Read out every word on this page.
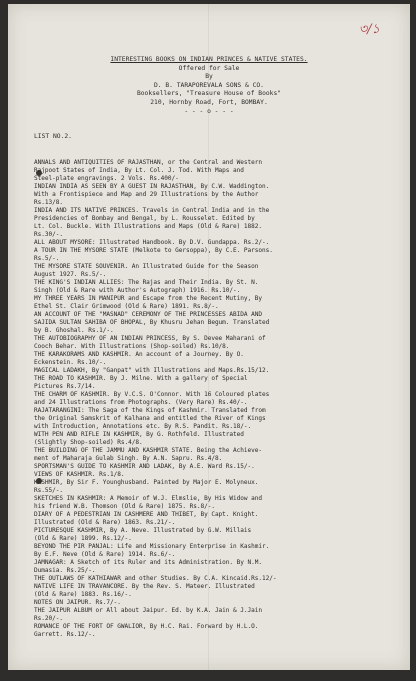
৩/১
INTERESTING BOOKS ON INDIAN PRINCES & NATIVE STATES.
Offered for Sale
By
D. B. TARAPOREVALA SONS & CO.
Booksellers, "Treasure House of Books"
210, Hornby Road, Fort, BOMBAY.
- - - o - - -
LIST NO.2.
ANNALS AND ANTIQUITIES OF RAJASTHAN, or the Central and Western
Rajpoot States of India, By Lt. Col. J. Tod. With Maps and
Steel-plate engravings. 2 Vols. Rs.400/-
INDIAN INDIA AS SEEN BY A GUEST IN RAJASTHAN, By C.W. Waddington.
With a Frontispiece and Map and 29 Illustrations by the Author
Rs.13/8.
INDIA AND ITS NATIVE PRINCES. Travels in Central India and in the
Presidencies of Bombay and Bengal, by L. Rousselet. Edited by
Lt. Col. Buckle. With Illustrations and Maps (Old & Rare) 1882.
Rs.30/-.
ALL ABOUT MYSORE: Illustrated Handbook. By D.V. Gundappa. Rs.2/-.
A TOUR IN THE MYSORE STATE (Melkote to Gersoppa), By C.E. Parsons.
Rs.5/-.
THE MYSORE STATE SOUVENIR. An Illustrated Guide for the Season
August 1927. Rs.5/-.
THE KING'S INDIAN ALLIES: The Rajas and Their India. By St. N.
Singh (Old & Rare with Author's Autograph) 1916. Rs.10/-.
MY THREE YEARS IN MANIPUR and Escape from the Recent Mutiny, By
Ethel St. Clair Grimwood (Old & Rare) 1891. Rs.8/-.
AN ACCOUNT OF THE "MASNAD" CEREMONY OF THE PRINCESSES ABIDA AND
SAJIDA SULTAN SAHIBA OF BHOPAL, By Khusru Jehan Begum. Translated
by B. Ghoshal. Rs.1/-.
THE AUTOBIOGRAPHY OF AN INDIAN PRINCESS, By S. Devee Maharani of
Cooch Behar. With Illustrations (Shop-soiled) Rs.10/8.
THE KARAKORAMS AND KASHMIR. An account of a Journey. By O.
Eckenstein. Rs.10/-.
MAGICAL LADAKH, By "Ganpat" with Illustrations and Maps.Rs.15/12.
THE ROAD TO KASHMIR. By J. Milne. With a gallery of Special
Pictures Rs.7/14.
THE CHARM OF KASHMIR. By V.C.S. O'Connor. With 16 Coloured plates
and 24 Illustrations from Photographs. (Very Rare) Rs.40/-.
RAJATARANGINI: The Saga of the Kings of Kashmir. Translated from
the Original Samskrit of Kalhana and entitled the River of Kings
with Introduction, Annotations etc. By R.S. Pandit. Rs.18/-.
WITH PEN AND RIFLE IN KASHMIR, By G. Rothfeld. Illustrated
(Slightly Shop-soiled) Rs.4/8.
THE BUILDING OF THE JAMMU AND KASHMIR STATE. Being the Achieve-
ment of Maharaja Gulab Singh. By A.N. Sapru. Rs.4/8.
SPORTSMAN'S GUIDE TO KASHMIR AND LADAK, By A.E. Ward Rs.15/-.
VIEWS OF KASHMIR. Rs.1/8.
KASHMIR, By Sir F. Younghusband. Painted by Major E. Molyneux.
Rs.55/-.
SKETCHES IN KASHMIR: A Memoir of W.J. Elmslie, By His Widow and
his friend W.B. Thomson (Old & Rare) 1875. Rs.8/-.
DIARY OF A PEDESTRIAN IN CASHMERE AND THIBET, By Capt. Knight.
Illustrated (Old & Rare) 1863. Rs.21/-.
PICTURESQUE KASHMIR, By A. Neve. Illustrated by G.W. Millais
(Old & Rare) 1899. Rs.12/-.
BEYOND THE PIR PANJAL: Life and Missionary Enterprise in Kashmir.
By E.F. Neve (Old & Rare) 1914. Rs.6/-.
JAMNAGAR: A Sketch of its Ruler and its Administration. By N.M.
Dumasia. Rs.25/-.
THE OUTLAWS OF KATHIAWAR and other Studies. By C.A. Kincaid.Rs.12/-
NATIVE LIFE IN TRAVANCORE. By the Rev. S. Mateer. Illustrated
(Old & Rare) 1883. Rs.16/-.
NOTES ON JAIPUR. Rs.7/-.
THE JAIPUR ALBUM or All about Jaipur. Ed. by K.A. Jain & J.Jain
Rs.20/-.
ROMANCE OF THE FORT OF GWALIOR, By H.C. Rai. Forward by H.L.O.
Garrett. Rs.12/-.
